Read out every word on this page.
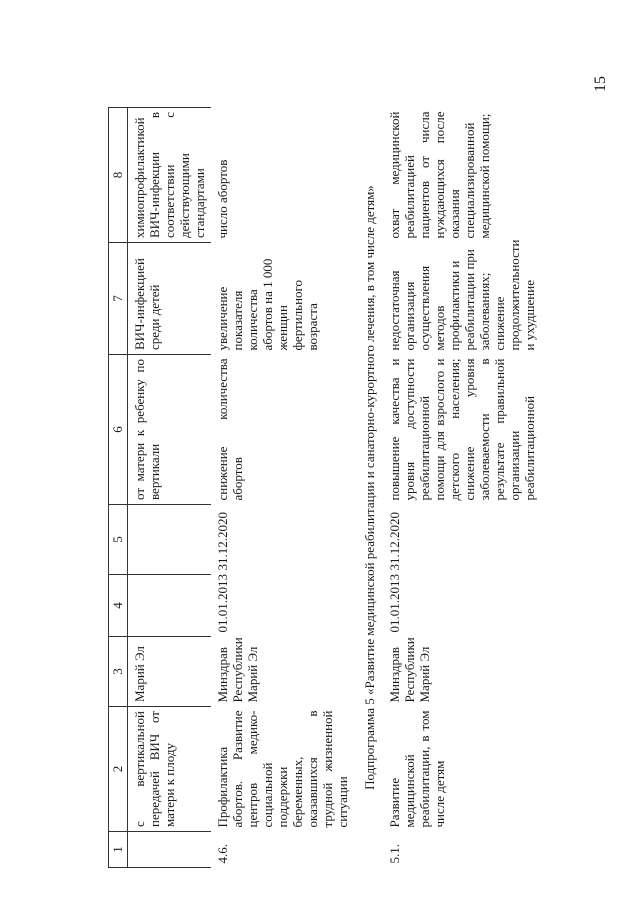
15
1	2	3	4	5	6	7	8
	с вертикальной передачей ВИЧ от матери к плоду	Марий Эл			от матери к ребенку по вертикали	ВИЧ-инфекцией среди детей	химиопрофилактикой ВИЧ-инфекции в соответствии с действующими стандартами
4.6.	Профилактика абортов. Развитие центров медико-социальной поддержки беременных, оказавшихся в трудной жизненной ситуации	Минздрав Республики Марий Эл	01.01.2013	31.12.2020	снижение количества абортов	увеличение показателя количества абортов на 1 000 женщин фертильного возраста	число абортов
Подпрограмма 5 «Развитие медицинской реабилитации и санаторно-курортного лечения, в том числе детям»							
5.1.	Развитие медицинской реабилитации, в том числе детям	Минздрав Республики Марий Эл	01.01.2013	31.12.2020	повышение качества и уровня доступности реабилитационной помощи для взрослого и детского населения; снижение уровня заболеваемости в результате правильной организации реабилитационной	недостаточная организация осуществления методов профилактики и реабилитации при заболеваниях; снижение продолжительности и ухудшение	охват медицинской реабилитацией пациентов от числа нуждающихся после оказания специализированной медицинской помощи;
